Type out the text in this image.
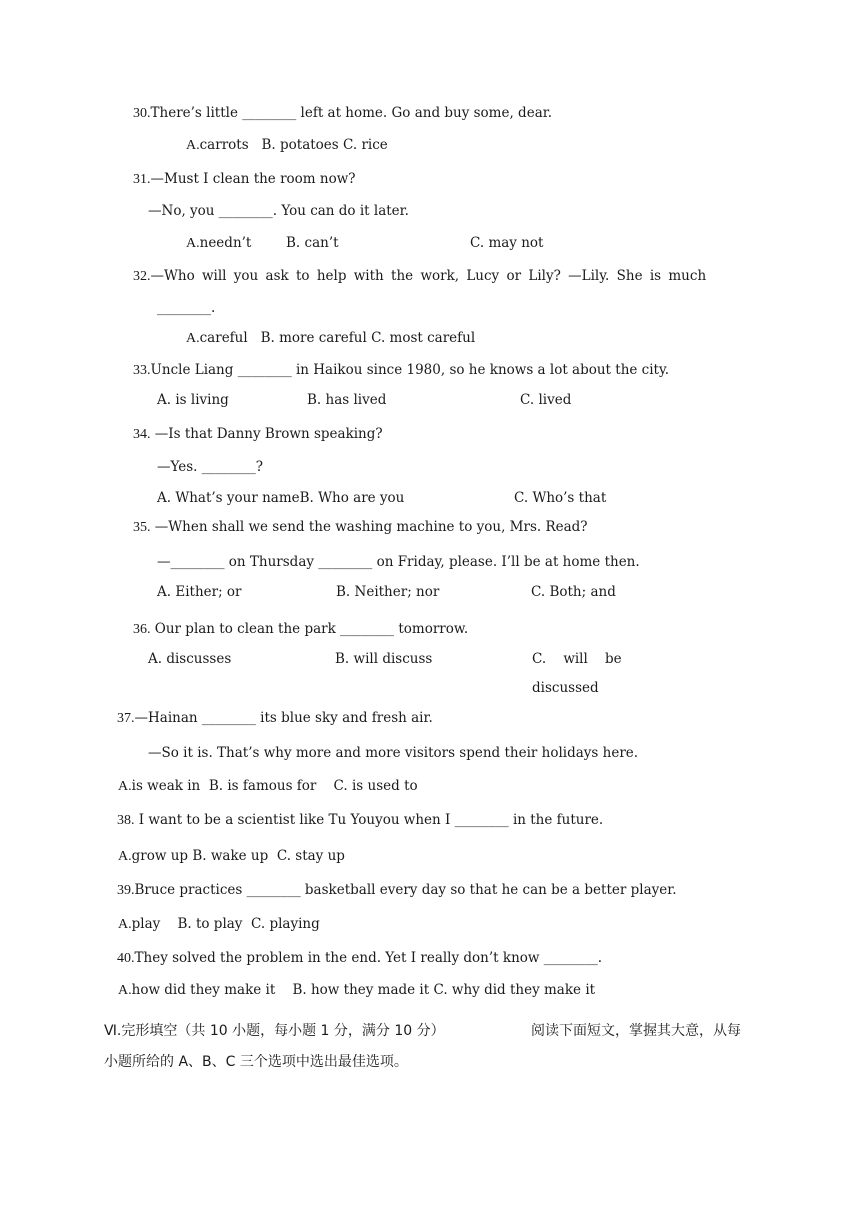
30.There’s little ________ left at home. Go and buy some, dear.
A.carrots B. potatoes C. rice
31.—Must I clean the room now?
—No, you ________. You can do it later.
A.needn’t	B. can’t	C. may not
32.—Who will you ask to help with the work, Lucy or Lily? —Lily. She is much
________.
A.careful B. more careful C. most careful
33.Uncle Liang ________ in Haikou since 1980, so he knows a lot about the city.
A. is living	B. has lived	C. lived
34. —Is that Danny Brown speaking?
—Yes. ________?
A. What’s your nameB. Who are you	C. Who’s that
35. —When shall we send the washing machine to you, Mrs. Read?
—________ on Thursday ________ on Friday, please. I’ll be at home then.
A. Either; or	B. Neither; nor	C. Both; and
36. Our plan to clean the park ________ tomorrow.
A. discusses	B. will discuss	C. will    be
discussed
37.—Hainan ________ its blue sky and fresh air.
—So it is. That’s why more and more visitors spend their holidays here.
A.is weak in B. is famous for C. is used to
38. I want to be a scientist like Tu Youyou when I ________ in the future.
A.grow up B. wake up C. stay up
39.Bruce practices ________ basketball every day so that he can be a better player.
A.play B. to play C. playing
40.They solved the problem in the end. Yet I really don’t know ________.
A.how did they make it B. how they made it C. why did they make it
Ⅵ.完形填空（共 10 小题，每小题 1 分，满分 10 分）	阅读下面短文，掌握其大意，从每
小题所给的 A、B、C 三个选项中选出最佳选项。
